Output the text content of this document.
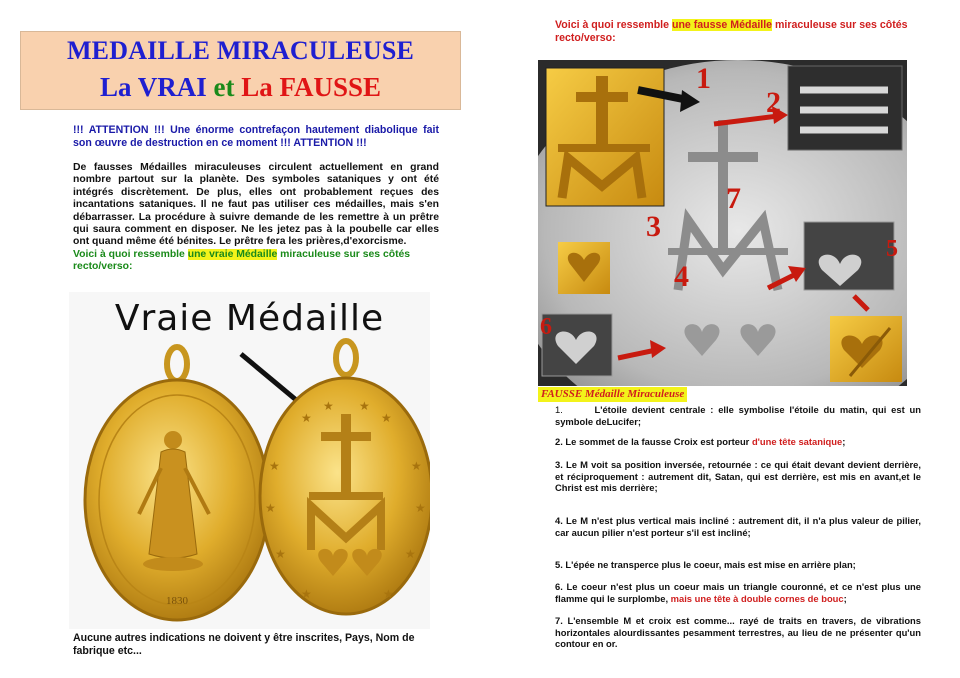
MEDAILLE MIRACULEUSE
La VRAI et La FAUSSE
!!! ATTENTION !!! Une énorme contrefaçon hautement diabolique fait son œuvre de destruction en ce moment !!! ATTENTION !!!
De fausses Médailles miraculeuses circulent actuellement en grand nombre partout sur la planète. Des symboles sataniques y ont été intégrés discrètement. De plus, elles ont probablement reçues des incantations sataniques. Il ne faut pas utiliser ces médailles, mais s'en débarrasser. La procédure à suivre demande de les remettre à un prêtre qui saura comment en disposer. Ne les jetez pas à la poubelle car elles ont quand même été bénites. Le prêtre fera les prières,d'exorcisme.
Voici à quoi ressemble une vraie Médaille miraculeuse sur ses côtés recto/verso:
Vraie Médaille
1830
★
★ ★
★
★	★
★	★
★	★
★	★
Aucune autres indications ne doivent y être inscrites, Pays, Nom de fabrique etc...
Voici à quoi ressemble une fausse Médaille miraculeuse sur ses côtés recto/verso:
1
2
3
4
5
6
7
FAUSSE Médaille Miraculeuse
1.	L'étoile devient centrale : elle symbolise l'étoile du matin, qui est un symbole deLucifer;
2. Le sommet de la fausse Croix est porteur d'une tête satanique;
3. Le M voit sa position inversée, retournée : ce qui était devant devient derrière, et réciproquement : autrement dit, Satan, qui est derrière, est mis en avant,et le Christ est mis derrière;
4. Le M n'est plus vertical mais incliné : autrement dit, il n'a plus valeur de pilier, car aucun pilier n'est porteur s'il est incliné;
5. L'épée ne transperce plus le coeur, mais est mise en arrière plan;
6. Le coeur n'est plus un coeur mais un triangle couronné, et ce n'est plus une flamme qui le surplombe, mais une tête à double cornes de bouc;
7. L'ensemble M et croix est comme... rayé de traits en travers, de vibrations horizontales alourdissantes pesamment terrestres, au lieu de ne présenter qu'un contour en or.
